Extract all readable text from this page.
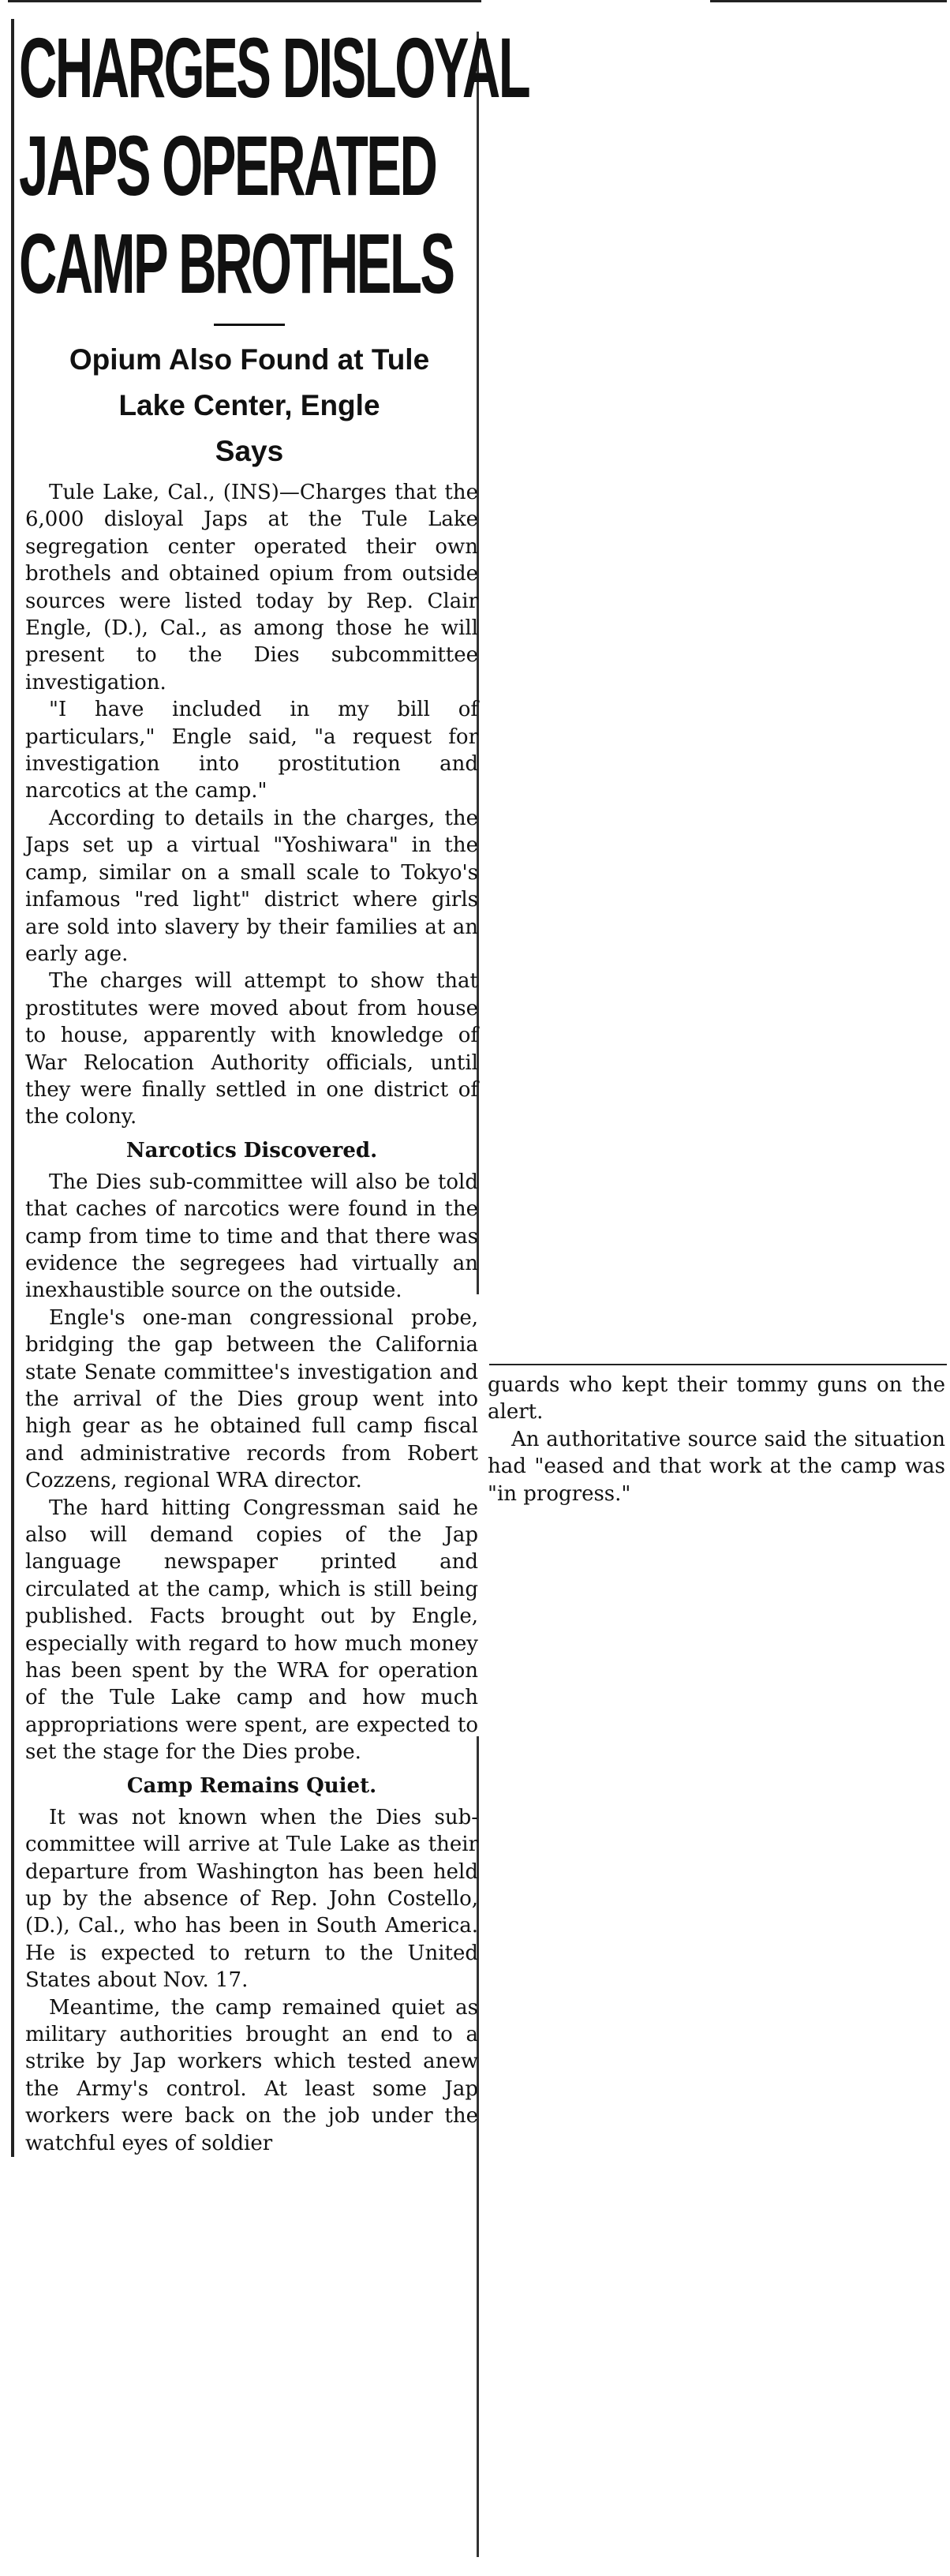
CHARGES DISLOYAL
JAPS OPERATED
CAMP BROTHELS
Opium Also Found at Tule
Lake Center, Engle
Says

Tule Lake, Cal., (INS)—Charges that the 6,000 disloyal Japs at the Tule Lake segregation center operated their own brothels and obtained opium from outside sources were listed today by Rep. Clair Engle, (D.), Cal., as among those he will present to the Dies subcommittee investigation.

"I have included in my bill of particulars," Engle said, "a request for investigation into prostitution and narcotics at the camp."

According to details in the charges, the Japs set up a virtual "Yoshiwara" in the camp, similar on a small scale to Tokyo's infamous "red light" district where girls are sold into slavery by their families at an early age.

The charges will attempt to show that prostitutes were moved about from house to house, apparently with knowledge of War Relocation Authority officials, until they were finally settled in one district of the colony.

Narcotics Discovered.

The Dies sub-committee will also be told that caches of narcotics were found in the camp from time to time and that there was evidence the segregees had virtually an inexhaustible source on the outside.

Engle's one-man congressional probe, bridging the gap between the California state Senate committee's investigation and the arrival of the Dies group went into high gear as he obtained full camp fiscal and administrative records from Robert Cozzens, regional WRA director.

The hard hitting Congressman said he also will demand copies of the Jap language newspaper printed and circulated at the camp, which is still being published. Facts brought out by Engle, especially with regard to how much money has been spent by the WRA for operation of the Tule Lake camp and how much appropriations were spent, are expected to set the stage for the Dies probe.

Camp Remains Quiet.

It was not known when the Dies sub-committee will arrive at Tule Lake as their departure from Washington has been held up by the absence of Rep. John Costello, (D.), Cal., who has been in South America. He is expected to return to the United States about Nov. 17.

Meantime, the camp remained quiet as military authorities brought an end to a strike by Jap workers which tested anew the Army's control. At least some Jap workers were back on the job under the watchful eyes of soldier

guards who kept their tommy guns on the alert.

An authoritative source said the situation had "eased and that work at the camp was "in progress."
